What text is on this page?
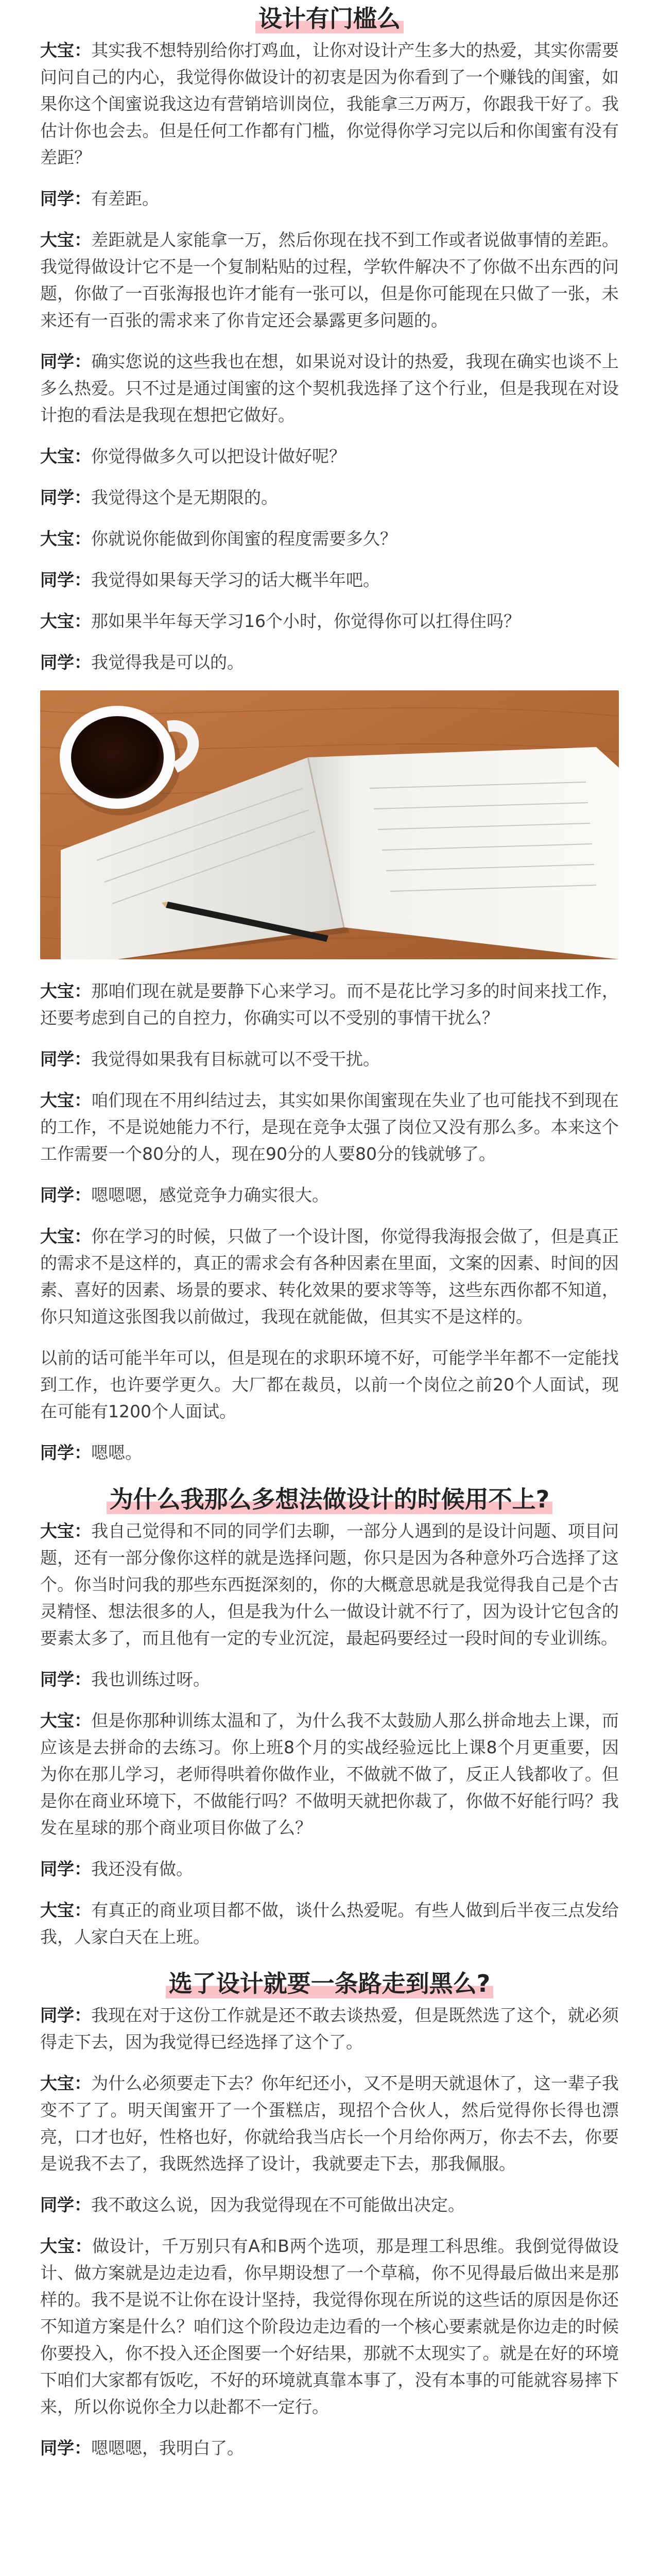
设计有门槛么

大宝：其实我不想特别给你打鸡血，让你对设计产生多大的热爱，其实你需要问问自己的内心，我觉得你做设计的初衷是因为你看到了一个赚钱的闺蜜，如果你这个闺蜜说我这边有营销培训岗位，我能拿三万两万，你跟我干好了。我估计你也会去。但是任何工作都有门槛，你觉得你学习完以后和你闺蜜有没有差距？

同学：有差距。

大宝：差距就是人家能拿一万，然后你现在找不到工作或者说做事情的差距。我觉得做设计它不是一个复制粘贴的过程，学软件解决不了你做不出东西的问题，你做了一百张海报也许才能有一张可以，但是你可能现在只做了一张，未来还有一百张的需求来了你肯定还会暴露更多问题的。

同学：确实您说的这些我也在想，如果说对设计的热爱，我现在确实也谈不上多么热爱。只不过是通过闺蜜的这个契机我选择了这个行业，但是我现在对设计抱的看法是我现在想把它做好。

大宝：你觉得做多久可以把设计做好呢？

同学：我觉得这个是无期限的。

大宝：你就说你能做到你闺蜜的程度需要多久？

同学：我觉得如果每天学习的话大概半年吧。

大宝：那如果半年每天学习16个小时，你觉得你可以扛得住吗？

同学：我觉得我是可以的。

大宝：那咱们现在就是要静下心来学习。而不是花比学习多的时间来找工作，还要考虑到自己的自控力，你确实可以不受别的事情干扰么？

同学：我觉得如果我有目标就可以不受干扰。

大宝：咱们现在不用纠结过去，其实如果你闺蜜现在失业了也可能找不到现在的工作，不是说她能力不行，是现在竞争太强了岗位又没有那么多。本来这个工作需要一个80分的人，现在90分的人要80分的钱就够了。

同学：嗯嗯嗯，感觉竞争力确实很大。

大宝：你在学习的时候，只做了一个设计图，你觉得我海报会做了，但是真正的需求不是这样的，真正的需求会有各种因素在里面，文案的因素、时间的因素、喜好的因素、场景的要求、转化效果的要求等等，这些东西你都不知道，你只知道这张图我以前做过，我现在就能做，但其实不是这样的。

以前的话可能半年可以，但是现在的求职环境不好，可能学半年都不一定能找到工作，也许要学更久。大厂都在裁员，以前一个岗位之前20个人面试，现在可能有1200个人面试。

同学：嗯嗯。

为什么我那么多想法做设计的时候用不上?

大宝：我自己觉得和不同的同学们去聊，一部分人遇到的是设计问题、项目问题，还有一部分像你这样的就是选择问题，你只是因为各种意外巧合选择了这个。你当时问我的那些东西挺深刻的，你的大概意思就是我觉得我自己是个古灵精怪、想法很多的人，但是我为什么一做设计就不行了，因为设计它包含的要素太多了，而且他有一定的专业沉淀，最起码要经过一段时间的专业训练。

同学：我也训练过呀。

大宝：但是你那种训练太温和了，为什么我不太鼓励人那么拼命地去上课，而应该是去拼命的去练习。你上班8个月的实战经验远比上课8个月更重要，因为你在那儿学习，老师得哄着你做作业，不做就不做了，反正人钱都收了。但是你在商业环境下，不做能行吗？不做明天就把你裁了，你做不好能行吗？我发在星球的那个商业项目你做了么？

同学：我还没有做。

大宝：有真正的商业项目都不做，谈什么热爱呢。有些人做到后半夜三点发给我，人家白天在上班。

选了设计就要一条路走到黑么?

同学：我现在对于这份工作就是还不敢去谈热爱，但是既然选了这个，就必须得走下去，因为我觉得已经选择了这个了。

大宝：为什么必须要走下去？你年纪还小，又不是明天就退休了，这一辈子我变不了了。明天闺蜜开了一个蛋糕店，现招个合伙人，然后觉得你长得也漂亮，口才也好，性格也好，你就给我当店长一个月给你两万，你去不去，你要是说我不去了，我既然选择了设计，我就要走下去，那我佩服。

同学：我不敢这么说，因为我觉得现在不可能做出决定。

大宝：做设计，千万别只有A和B两个选项，那是理工科思维。我倒觉得做设计、做方案就是边走边看，你早期设想了一个草稿，你不见得最后做出来是那样的。我不是说不让你在设计坚持，我觉得你现在所说的这些话的原因是你还不知道方案是什么？咱们这个阶段边走边看的一个核心要素就是你边走的时候你要投入，你不投入还企图要一个好结果，那就不太现实了。就是在好的环境下咱们大家都有饭吃，不好的环境就真靠本事了，没有本事的可能就容易摔下来，所以你说你全力以赴都不一定行。

同学：嗯嗯嗯，我明白了。
